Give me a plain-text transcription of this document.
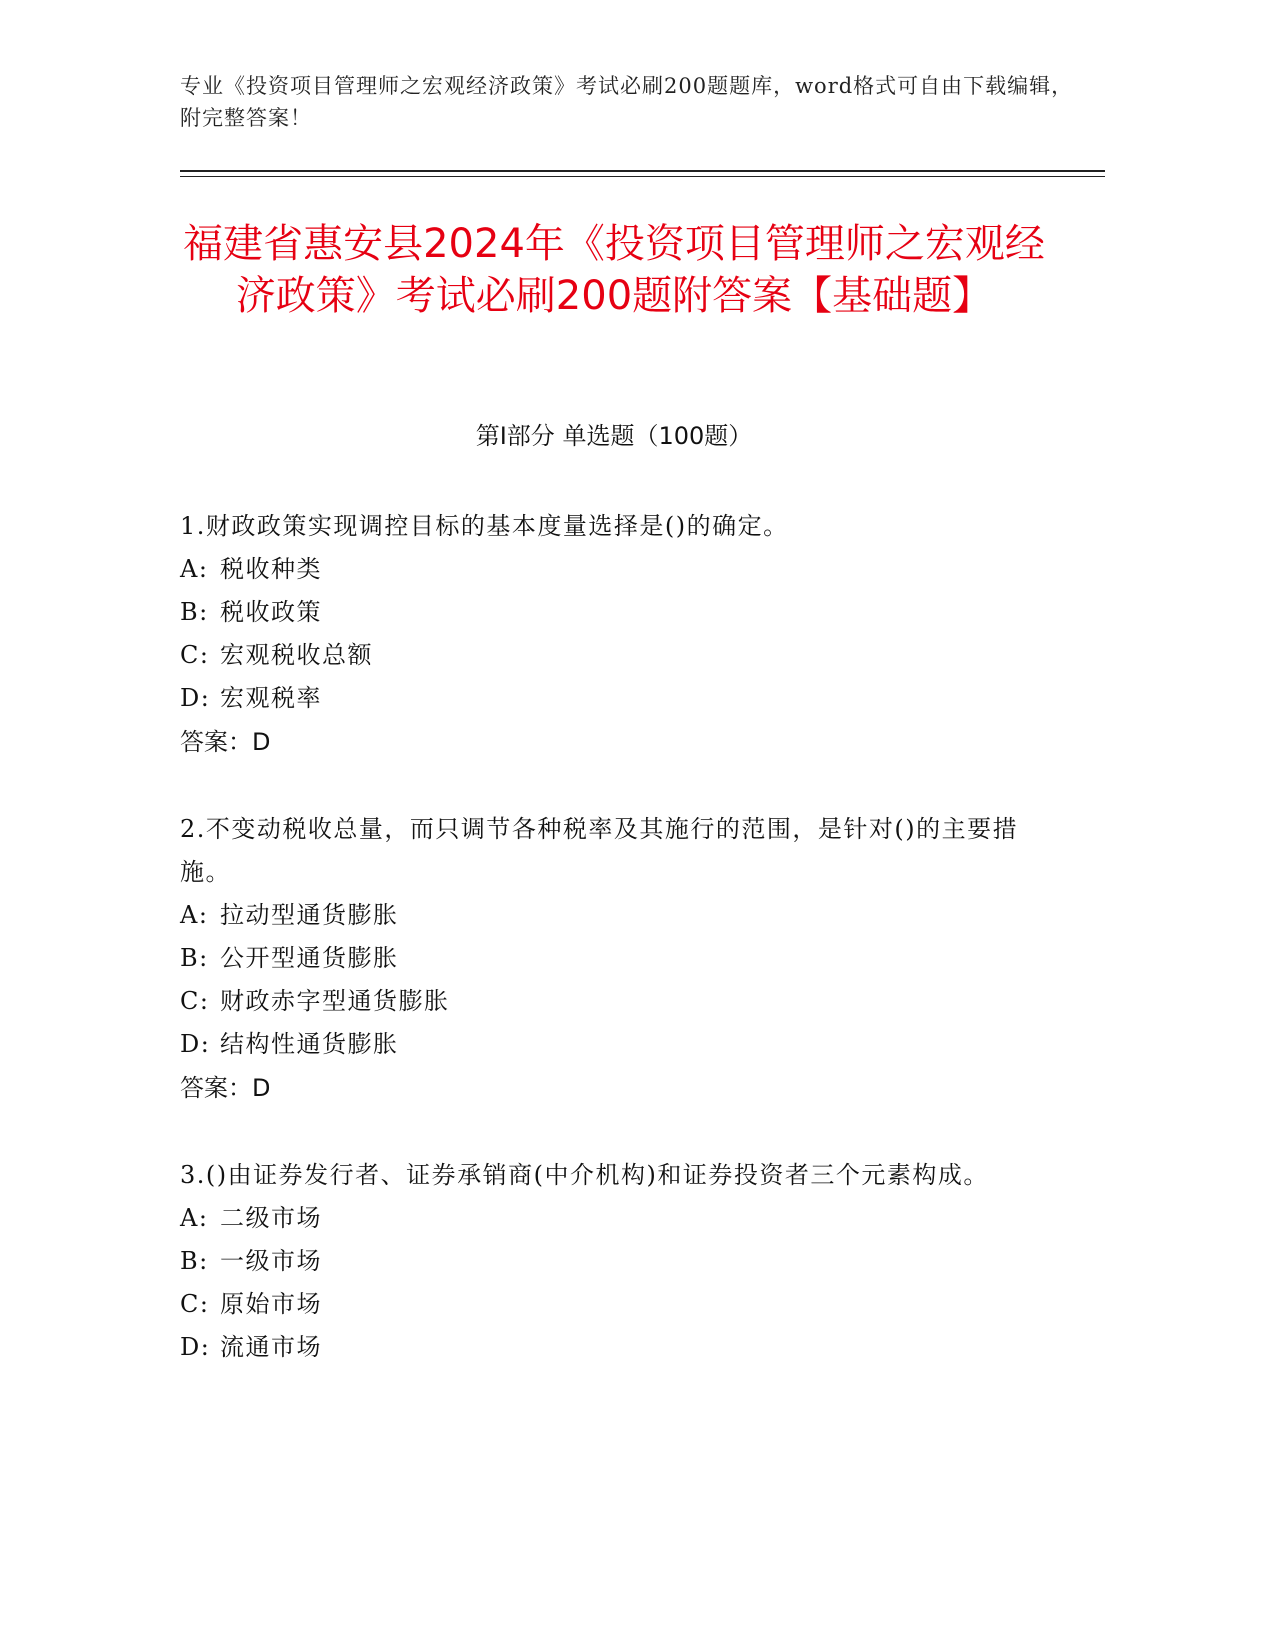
专业《投资项目管理师之宏观经济政策》考试必刷200题题库，word格式可自由下载编辑，附完整答案！
福建省惠安县2024年《投资项目管理师之宏观经济政策》考试必刷200题附答案【基础题】
第Ⅰ部分 单选题（100题）
1.财政政策实现调控目标的基本度量选择是()的确定。
A: 税收种类
B: 税收政策
C: 宏观税收总额
D: 宏观税率
答案：D
2.不变动税收总量，而只调节各种税率及其施行的范围，是针对()的主要措施。
A: 拉动型通货膨胀
B: 公开型通货膨胀
C: 财政赤字型通货膨胀
D: 结构性通货膨胀
答案：D
3.()由证券发行者、证券承销商(中介机构)和证券投资者三个元素构成。
A: 二级市场
B: 一级市场
C: 原始市场
D: 流通市场
